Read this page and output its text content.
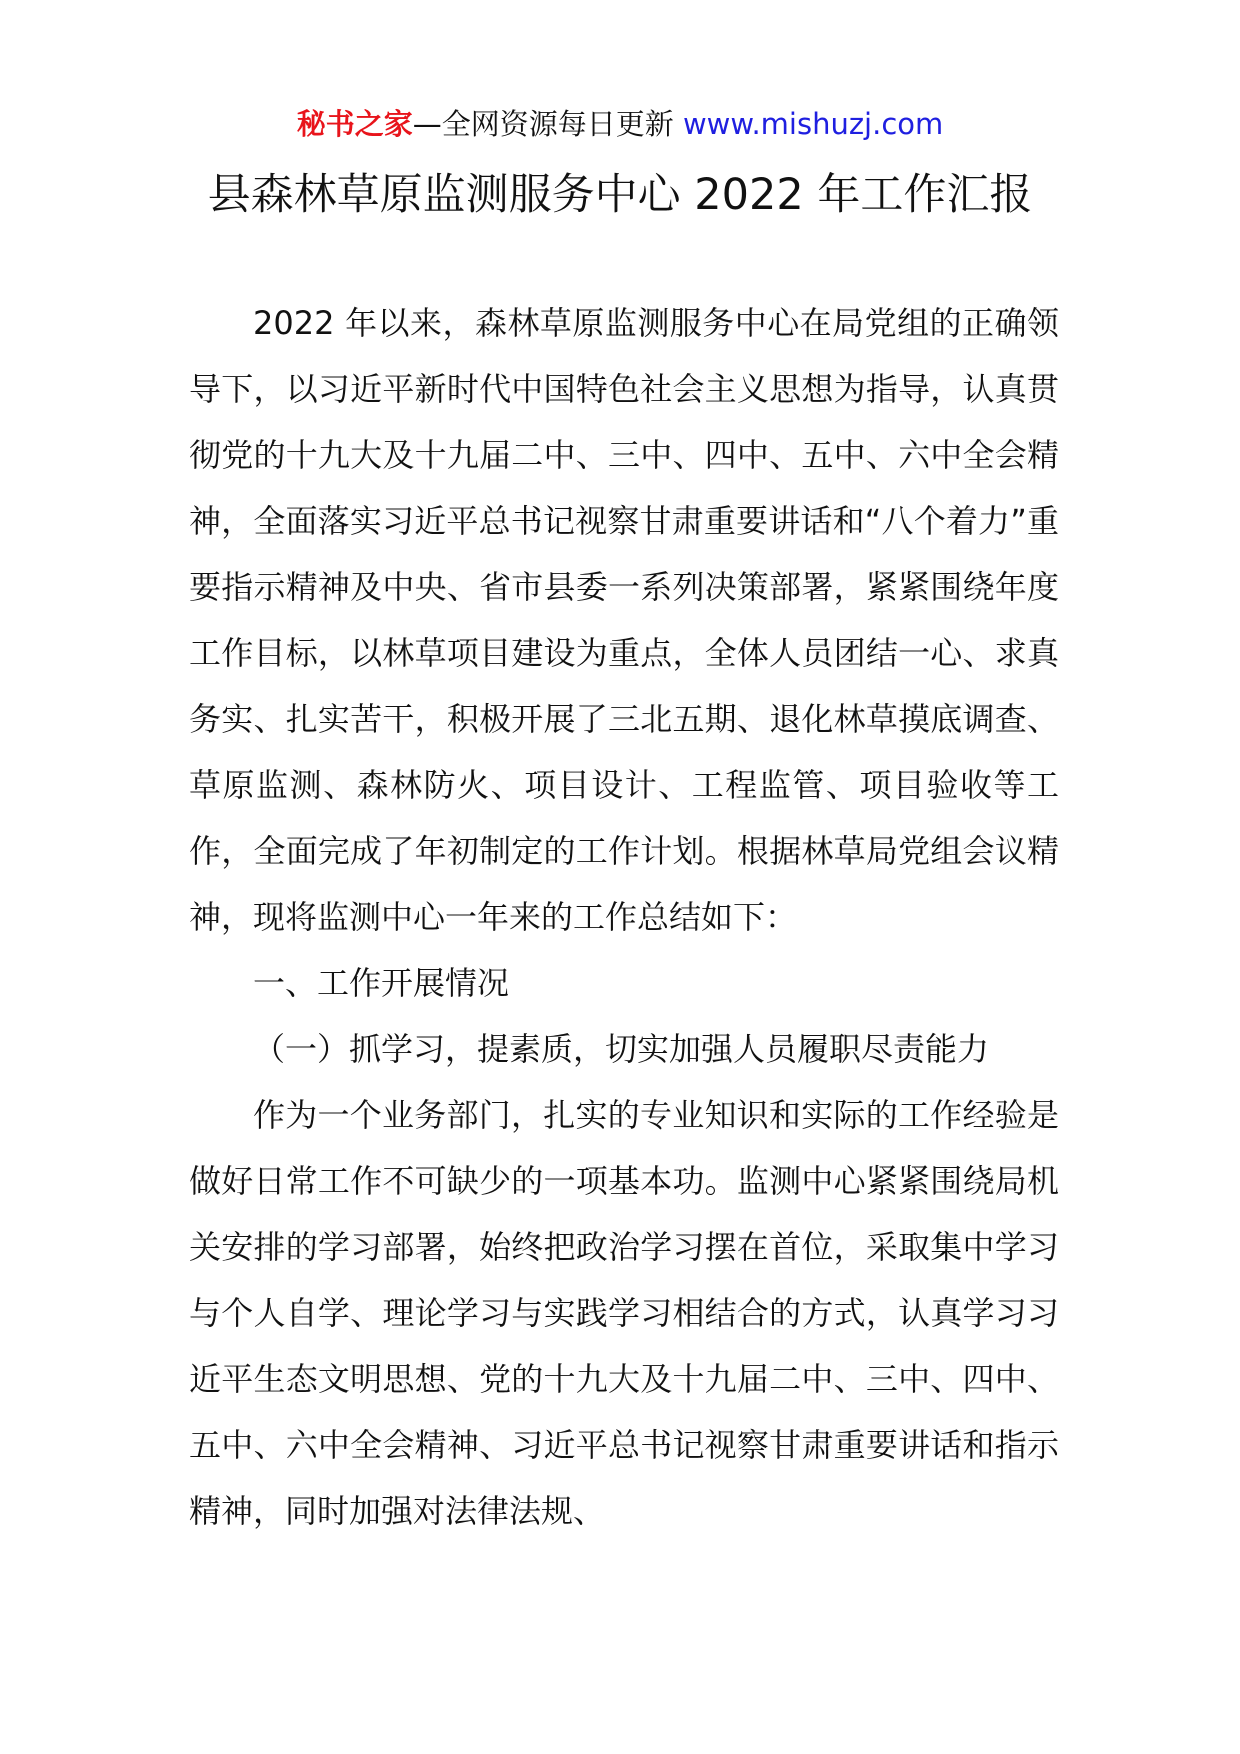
秘书之家—全网资源每日更新 www.mishuzj.com
县森林草原监测服务中心 2022 年工作汇报

2022 年以来，森林草原监测服务中心在局党组的正确领导下，以习近平新时代中国特色社会主义思想为指导，认真贯彻党的十九大及十九届二中、三中、四中、五中、六中全会精神，全面落实习近平总书记视察甘肃重要讲话和“八个着力”重要指示精神及中央、省市县委一系列决策部署，紧紧围绕年度工作目标，以林草项目建设为重点，全体人员团结一心、求真务实、扎实苦干，积极开展了三北五期、退化林草摸底调查、草原监测、森林防火、项目设计、工程监管、项目验收等工作，全面完成了年初制定的工作计划。根据林草局党组会议精神，现将监测中心一年来的工作总结如下：

一、工作开展情况

（一）抓学习，提素质，切实加强人员履职尽责能力

作为一个业务部门，扎实的专业知识和实际的工作经验是做好日常工作不可缺少的一项基本功。监测中心紧紧围绕局机关安排的学习部署，始终把政治学习摆在首位，采取集中学习与个人自学、理论学习与实践学习相结合的方式，认真学习习近平生态文明思想、党的十九大及十九届二中、三中、四中、五中、六中全会精神、习近平总书记视察甘肃重要讲话和指示精神，同时加强对法律法规、
